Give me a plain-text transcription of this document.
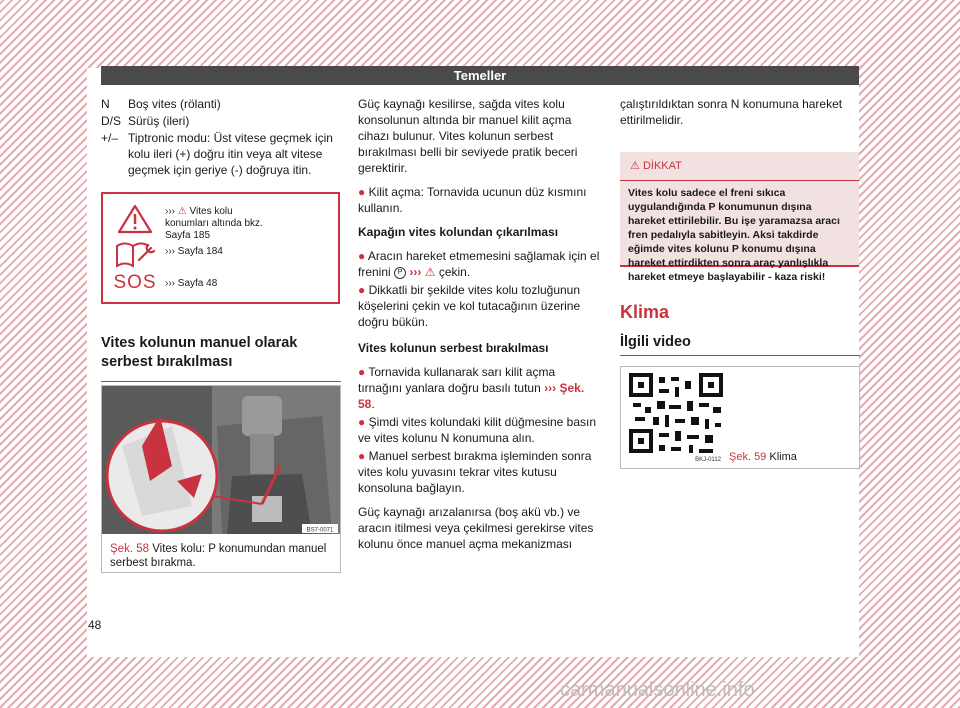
Temeller
N	Boş vites (rölanti)
D/S Sürüş (ileri)
+/– Tiptronic modu: Üst vitese geçmek için kolu ileri (+) doğru itin veya alt vitese geçmek için geriye (-) doğruya itin.
››› ⚠ Vites kolu konumları altında bkz. Sayfa 185
››› Sayfa 184
SOS ››› Sayfa 48
Vites kolunun manuel olarak serbest bırakılması
BS7-0071
Şek. 58 Vites kolu: P konumundan manuel serbest bırakma.

Güç kaynağı kesilirse, sağda vites kolu konsolunun altında bir manuel kilit açma cihazı bulunur. Vites kolunun serbest bırakılması belli bir seviyede pratik beceri gerektirir.

● Kilit açma: Tornavida ucunun düz kısmını kullanın.

Kapağın vites kolundan çıkarılması

● Aracın hareket etmemesini sağlamak için el frenini P ››› ⚠ çekin.

● Dikkatli bir şekilde vites kolu tozluğunun köşelerini çekin ve kol tutacağının üzerine doğru bükün.

Vites kolunun serbest bırakılması

● Tornavida kullanarak sarı kilit açma tırnağını yanlara doğru basılı tutun ››› Şek. 58.

● Şimdi vites kolundaki kilit düğmesine basın ve vites kolunu N konumuna alın.

● Manuel serbest bırakma işleminden sonra vites kolu yuvasını tekrar vites kutusu konsoluna bağlayın.

Güç kaynağı arızalanırsa (boş akü vb.) ve aracın itilmesi veya çekilmesi gerekirse vites kolunu önce manuel açma mekanizması

çalıştırıldıktan sonra N konumuna hareket ettirilmelidir.
⚠ DİKKAT
Vites kolu sadece el freni sıkıca uygulandığında P konumunun dışına hareket ettirilebilir. Bu işe yaramazsa aracı fren pedalıyla sabitleyin. Aksi takdirde eğimde vites kolunu P konumu dışına hareket ettirdikten sonra araç yanlışlıkla hareket etmeye başlayabilir - kaza riski!
Klima
İlgili video
BKJ-0112 Şek. 59 Klima
48
carmanualsonline.info
